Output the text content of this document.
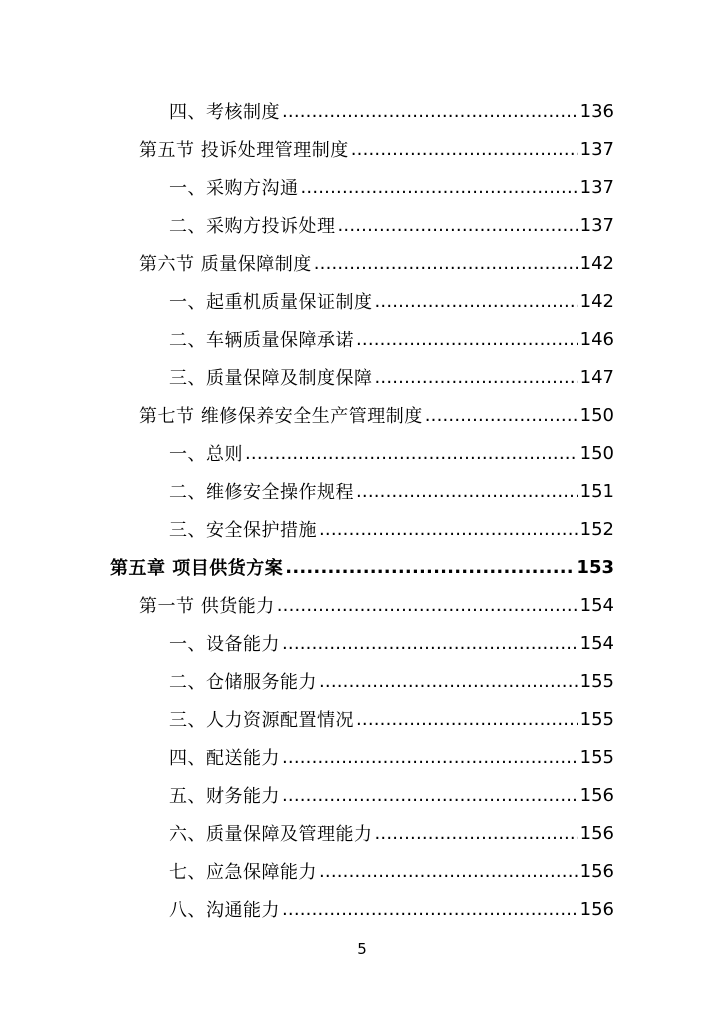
四、考核制度 .....	136
第五节 投诉处理管理制度 .....	137
一、采购方沟通 .....	137
二、采购方投诉处理 .....	137
第六节 质量保障制度 .....	142
一、起重机质量保证制度 .....	142
二、车辆质量保障承诺 .....	146
三、质量保障及制度保障 .....	147
第七节 维修保养安全生产管理制度 .....	150
一、总则 .....	150
二、维修安全操作规程 .....	151
三、安全保护措施 .....	152
第五章 项目供货方案 .....	153
第一节 供货能力 .....	154
一、设备能力 .....	154
二、仓储服务能力 .....	155
三、人力资源配置情况 .....	155
四、配送能力 .....	155
五、财务能力 .....	156
六、质量保障及管理能力 .....	156
七、应急保障能力 .....	156
八、沟通能力 .....	156
5
